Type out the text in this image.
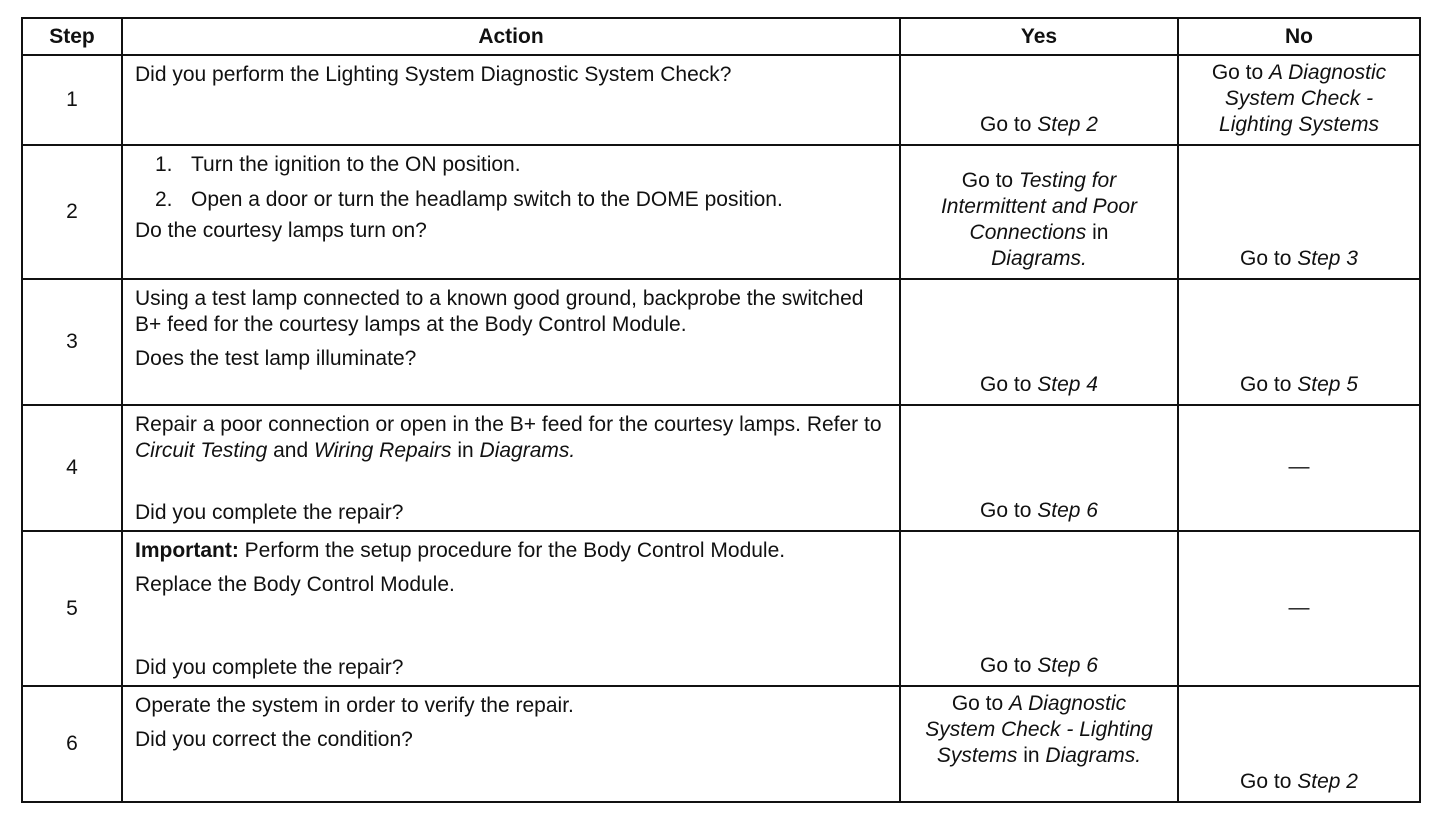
Step	Action	Yes	No
1	Did you perform the Lighting System Diagnostic System Check?	Go to Step 2	Go to A Diagnostic System Check - Lighting Systems
2	1. Turn the ignition to the ON position.
2. Open a door or turn the headlamp switch to the DOME position.
Do the courtesy lamps turn on?	Go to Testing for Intermittent and Poor Connections in Diagrams.	Go to Step 3
3	Using a test lamp connected to a known good ground, backprobe the switched B+ feed for the courtesy lamps at the Body Control Module.
Does the test lamp illuminate?	Go to Step 4	Go to Step 5
4	Repair a poor connection or open in the B+ feed for the courtesy lamps. Refer to Circuit Testing and Wiring Repairs in Diagrams.
Did you complete the repair?	Go to Step 6	—
5	Important: Perform the setup procedure for the Body Control Module.
Replace the Body Control Module.
Did you complete the repair?	Go to Step 6	—
6	Operate the system in order to verify the repair.
Did you correct the condition?	Go to A Diagnostic System Check - Lighting Systems in Diagrams.	Go to Step 2
